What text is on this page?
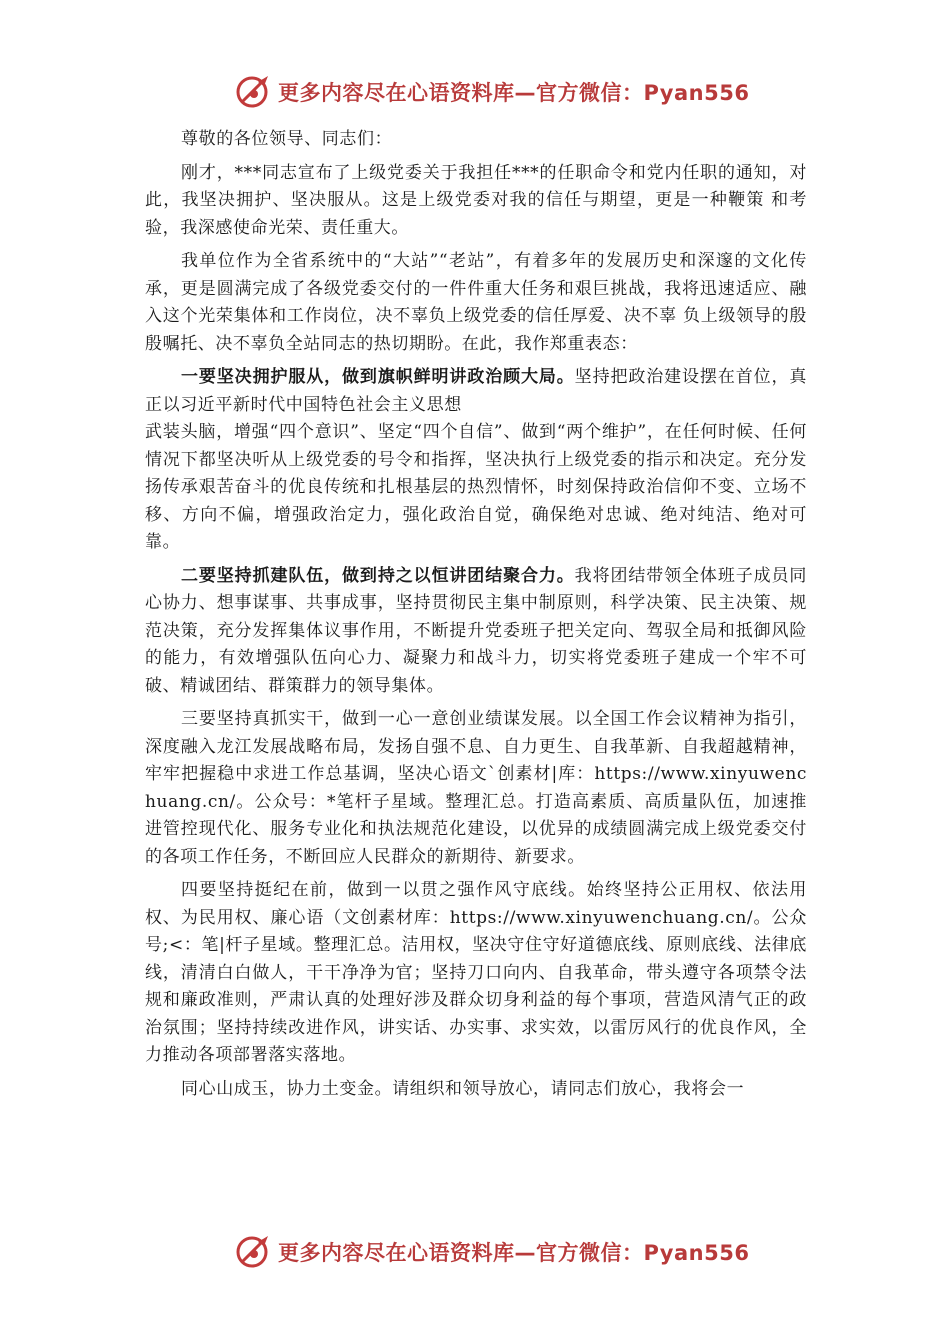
更多内容尽在心语资料库—官方微信：Pyan556

尊敬的各位领导、同志们：

刚才，***同志宣布了上级党委关于我担任***的任职命令和党内任职的通知，对此，我坚决拥护、坚决服从。这是上级党委对我的信任与期望，更是一种鞭策 和考验，我深感使命光荣、责任重大。

我单位作为全省系统中的“大站”“老站”，有着多年的发展历史和深邃的文化传承，更是圆满完成了各级党委交付的一件件重大任务和艰巨挑战，我将迅速适应、融入这个光荣集体和工作岗位，决不辜负上级党委的信任厚爱、决不辜 负上级领导的殷殷嘱托、决不辜负全站同志的热切期盼。在此，我作郑重表态：

一要坚决拥护服从，做到旗帜鲜明讲政治顾大局。坚持把政治建设摆在首位，真正以习近平新时代中国特色社会主义思想

武装头脑，增强“四个意识”、坚定“四个自信”、做到“两个维护”，在任何时候、任何情况下都坚决听从上级党委的号令和指挥，坚决执行上级党委的指示和决定。充分发扬传承艰苦奋斗的优良传统和扎根基层的热烈情怀，时刻保持政治信仰不变、立场不移、方向不偏，增强政治定力，强化政治自觉，确保绝对忠诚、绝对纯洁、绝对可靠。

二要坚持抓建队伍，做到持之以恒讲团结聚合力。我将团结带领全体班子成员同心协力、想事谋事、共事成事，坚持贯彻民主集中制原则，科学决策、民主决策、规范决策，充分发挥集体议事作用，不断提升党委班子把关定向、驾驭全局和抵御风险的能力，有效增强队伍向心力、凝聚力和战斗力，切实将党委班子建成一个牢不可破、精诚团结、群策群力的领导集体。

三要坚持真抓实干，做到一心一意创业绩谋发展。以全国工作会议精神为指引，深度融入龙江发展战略布局，发扬自强不息、自力更生、自我革新、自我超越精神，牢牢把握稳中求进工作总基调，坚决心语文`创素材|库：https://www.xinyuwenchuang.cn/。公众号：*笔杆子星域。整理汇总。打造高素质、高质量队伍，加速推进管控现代化、服务专业化和执法规范化建设，以优异的成绩圆满完成上级党委交付的各项工作任务，不断回应人民群众的新期待、新要求。

四要坚持挺纪在前，做到一以贯之强作风守底线。始终坚持公正用权、依法用权、为民用权、廉心语（文创素材库：https://www.xinyuwenchuang.cn/。公众号;<：笔|杆子星域。整理汇总。洁用权，坚决守住守好道德底线、原则底线、法律底线，清清白白做人，干干净净为官；坚持刀口向内、自我革命，带头遵守各项禁令法规和廉政准则，严肃认真的处理好涉及群众切身利益的每个事项，营造风清气正的政治氛围；坚持持续改进作风，讲实话、办实事、求实效，以雷厉风行的优良作风，全力推动各项部署落实落地。

同心山成玉，协力土变金。请组织和领导放心，请同志们放心，我将会一

更多内容尽在心语资料库—官方微信：Pyan556
